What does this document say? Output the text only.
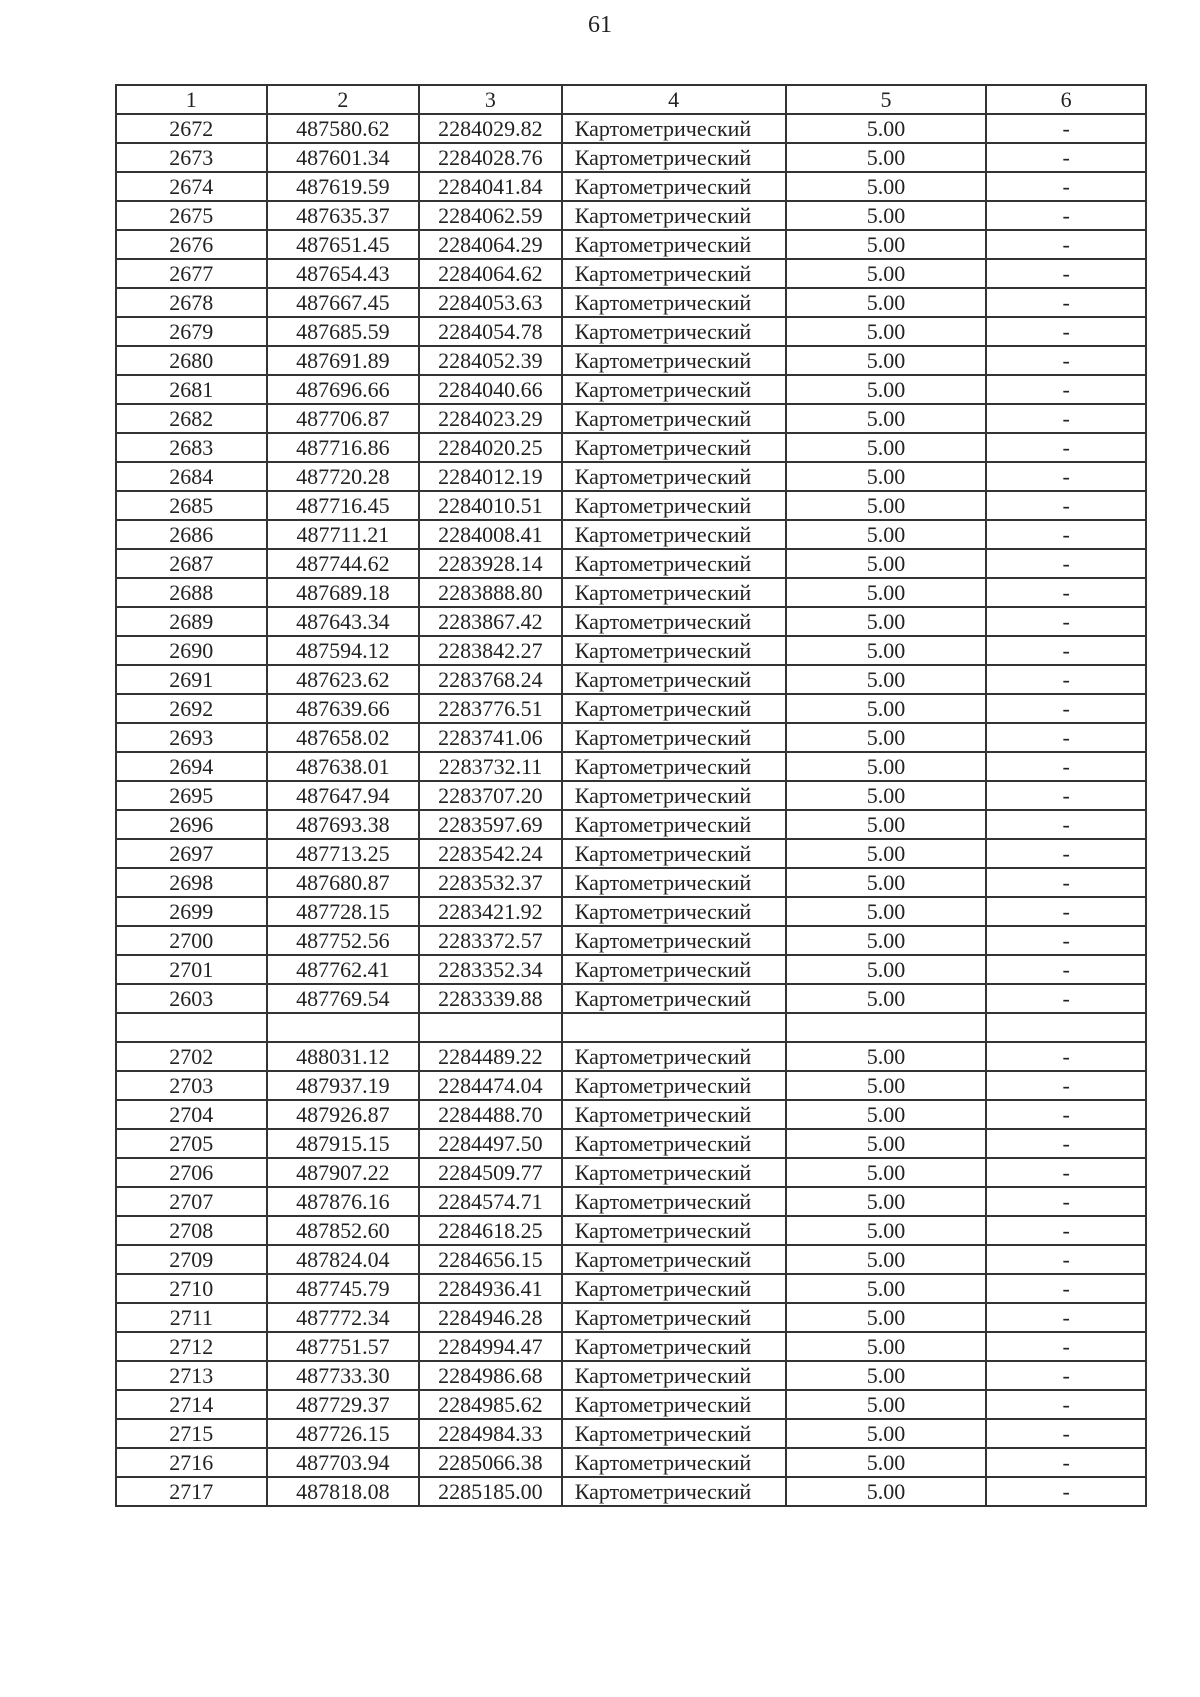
61
1	2	3	4	5	6
2672	487580.62	2284029.82	Картометрический	5.00	-
2673	487601.34	2284028.76	Картометрический	5.00	-
2674	487619.59	2284041.84	Картометрический	5.00	-
2675	487635.37	2284062.59	Картометрический	5.00	-
2676	487651.45	2284064.29	Картометрический	5.00	-
2677	487654.43	2284064.62	Картометрический	5.00	-
2678	487667.45	2284053.63	Картометрический	5.00	-
2679	487685.59	2284054.78	Картометрический	5.00	-
2680	487691.89	2284052.39	Картометрический	5.00	-
2681	487696.66	2284040.66	Картометрический	5.00	-
2682	487706.87	2284023.29	Картометрический	5.00	-
2683	487716.86	2284020.25	Картометрический	5.00	-
2684	487720.28	2284012.19	Картометрический	5.00	-
2685	487716.45	2284010.51	Картометрический	5.00	-
2686	487711.21	2284008.41	Картометрический	5.00	-
2687	487744.62	2283928.14	Картометрический	5.00	-
2688	487689.18	2283888.80	Картометрический	5.00	-
2689	487643.34	2283867.42	Картометрический	5.00	-
2690	487594.12	2283842.27	Картометрический	5.00	-
2691	487623.62	2283768.24	Картометрический	5.00	-
2692	487639.66	2283776.51	Картометрический	5.00	-
2693	487658.02	2283741.06	Картометрический	5.00	-
2694	487638.01	2283732.11	Картометрический	5.00	-
2695	487647.94	2283707.20	Картометрический	5.00	-
2696	487693.38	2283597.69	Картометрический	5.00	-
2697	487713.25	2283542.24	Картометрический	5.00	-
2698	487680.87	2283532.37	Картометрический	5.00	-
2699	487728.15	2283421.92	Картометрический	5.00	-
2700	487752.56	2283372.57	Картометрический	5.00	-
2701	487762.41	2283352.34	Картометрический	5.00	-
2603	487769.54	2283339.88	Картометрический	5.00	-

2702	488031.12	2284489.22	Картометрический	5.00	-
2703	487937.19	2284474.04	Картометрический	5.00	-
2704	487926.87	2284488.70	Картометрический	5.00	-
2705	487915.15	2284497.50	Картометрический	5.00	-
2706	487907.22	2284509.77	Картометрический	5.00	-
2707	487876.16	2284574.71	Картометрический	5.00	-
2708	487852.60	2284618.25	Картометрический	5.00	-
2709	487824.04	2284656.15	Картометрический	5.00	-
2710	487745.79	2284936.41	Картометрический	5.00	-
2711	487772.34	2284946.28	Картометрический	5.00	-
2712	487751.57	2284994.47	Картометрический	5.00	-
2713	487733.30	2284986.68	Картометрический	5.00	-
2714	487729.37	2284985.62	Картометрический	5.00	-
2715	487726.15	2284984.33	Картометрический	5.00	-
2716	487703.94	2285066.38	Картометрический	5.00	-
2717	487818.08	2285185.00	Картометрический	5.00	-
